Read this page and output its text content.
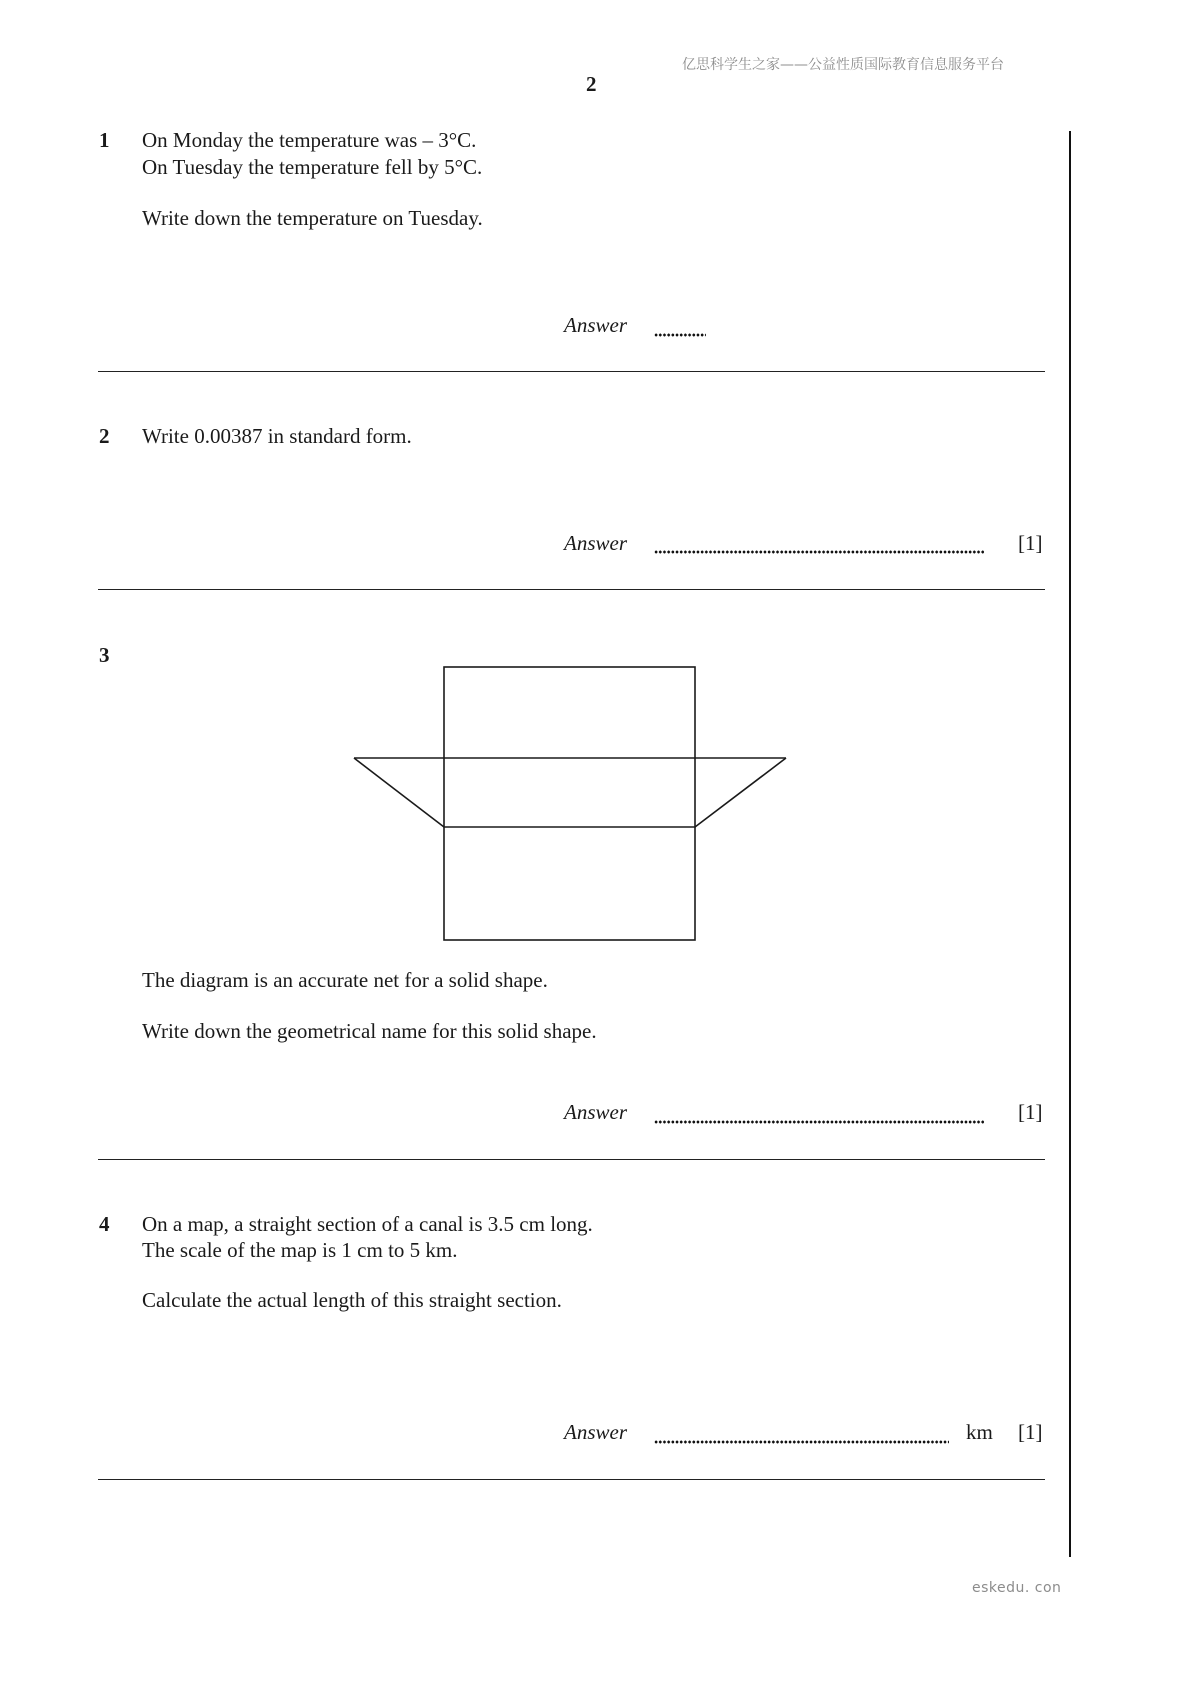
亿思科学生之家——公益性质国际教育信息服务平台
2
1 On Monday the temperature was – 3°C.
On Tuesday the temperature fell by 5°C.
Write down the temperature on Tuesday.
Answer
2 Write 0.00387 in standard form.
Answer	[1]
3
The diagram is an accurate net for a solid shape.
Write down the geometrical name for this solid shape.
Answer	[1]
4 On a map, a straight section of a canal is 3.5 cm long.
The scale of the map is 1 cm to 5 km.
Calculate the actual length of this straight section.
Answer	km [1]
eskedu. con
